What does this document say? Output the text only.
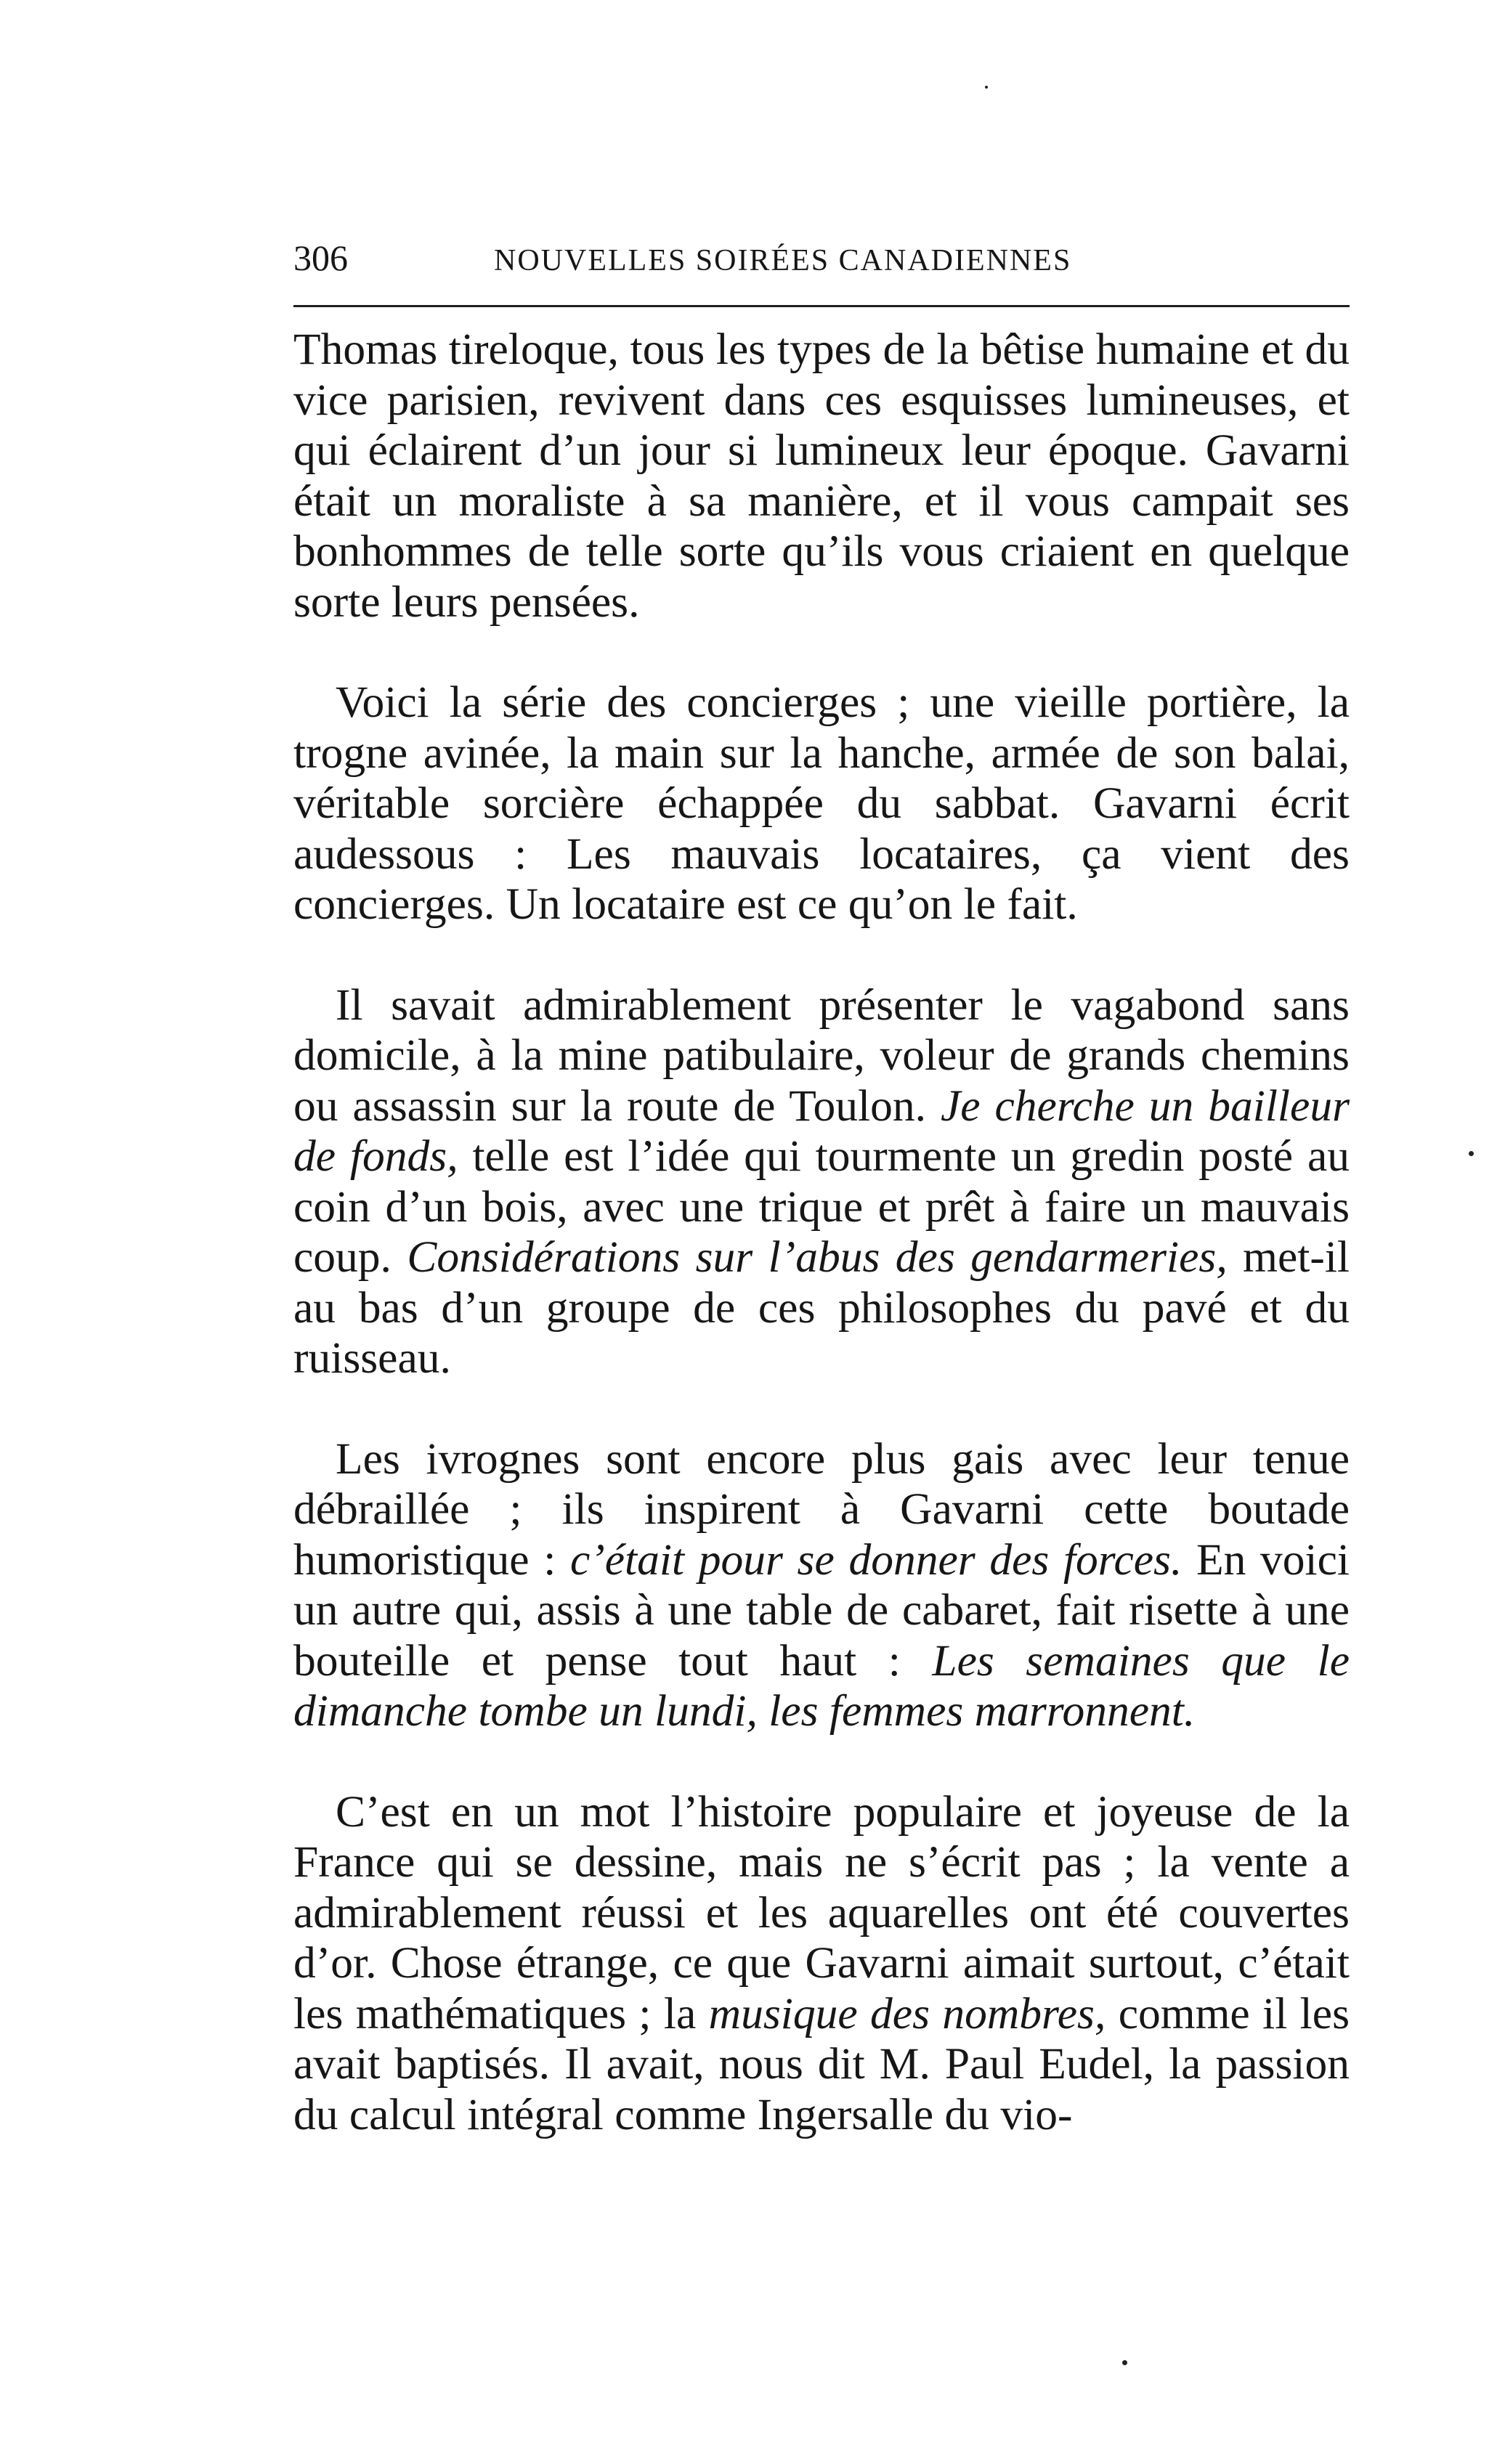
306	NOUVELLES SOIRÉES CANADIENNES

Thomas tireloque, tous les types de la bêtise humaine et du vice parisien, revivent dans ces esquisses lumineuses, et qui éclairent d’un jour si lumineux leur époque. Gavarni était un moraliste à sa manière, et il vous campait ses bonhommes de telle sorte qu’ils vous criaient en quelque sorte leurs pensées.

Voici la série des concierges ; une vieille portière, la trogne avinée, la main sur la hanche, armée de son balai, véritable sorcière échappée du sabbat. Gavarni écrit audessous : Les mauvais locataires, ça vient des concierges. Un locataire est ce qu’on le fait.

Il savait admirablement présenter le vagabond sans domicile, à la mine patibulaire, voleur de grands chemins ou assassin sur la route de Toulon. Je cherche un bailleur de fonds, telle est l’idée qui tourmente un gredin posté au coin d’un bois, avec une trique et prêt à faire un mauvais coup. Considérations sur l’abus des gendarmeries, met-il au bas d’un groupe de ces philosophes du pavé et du ruisseau.

Les ivrognes sont encore plus gais avec leur tenue débraillée ; ils inspirent à Gavarni cette boutade humoristique : c’était pour se donner des forces. En voici un autre qui, assis à une table de cabaret, fait risette à une bouteille et pense tout haut : Les semaines que le dimanche tombe un lundi, les femmes marronnent.

C’est en un mot l’histoire populaire et joyeuse de la France qui se dessine, mais ne s’écrit pas ; la vente a admirablement réussi et les aquarelles ont été couvertes d’or. Chose étrange, ce que Gavarni aimait surtout, c’était les mathématiques ; la musique des nombres, comme il les avait baptisés. Il avait, nous dit M. Paul Eudel, la passion du calcul intégral comme Ingersalle du vio-
